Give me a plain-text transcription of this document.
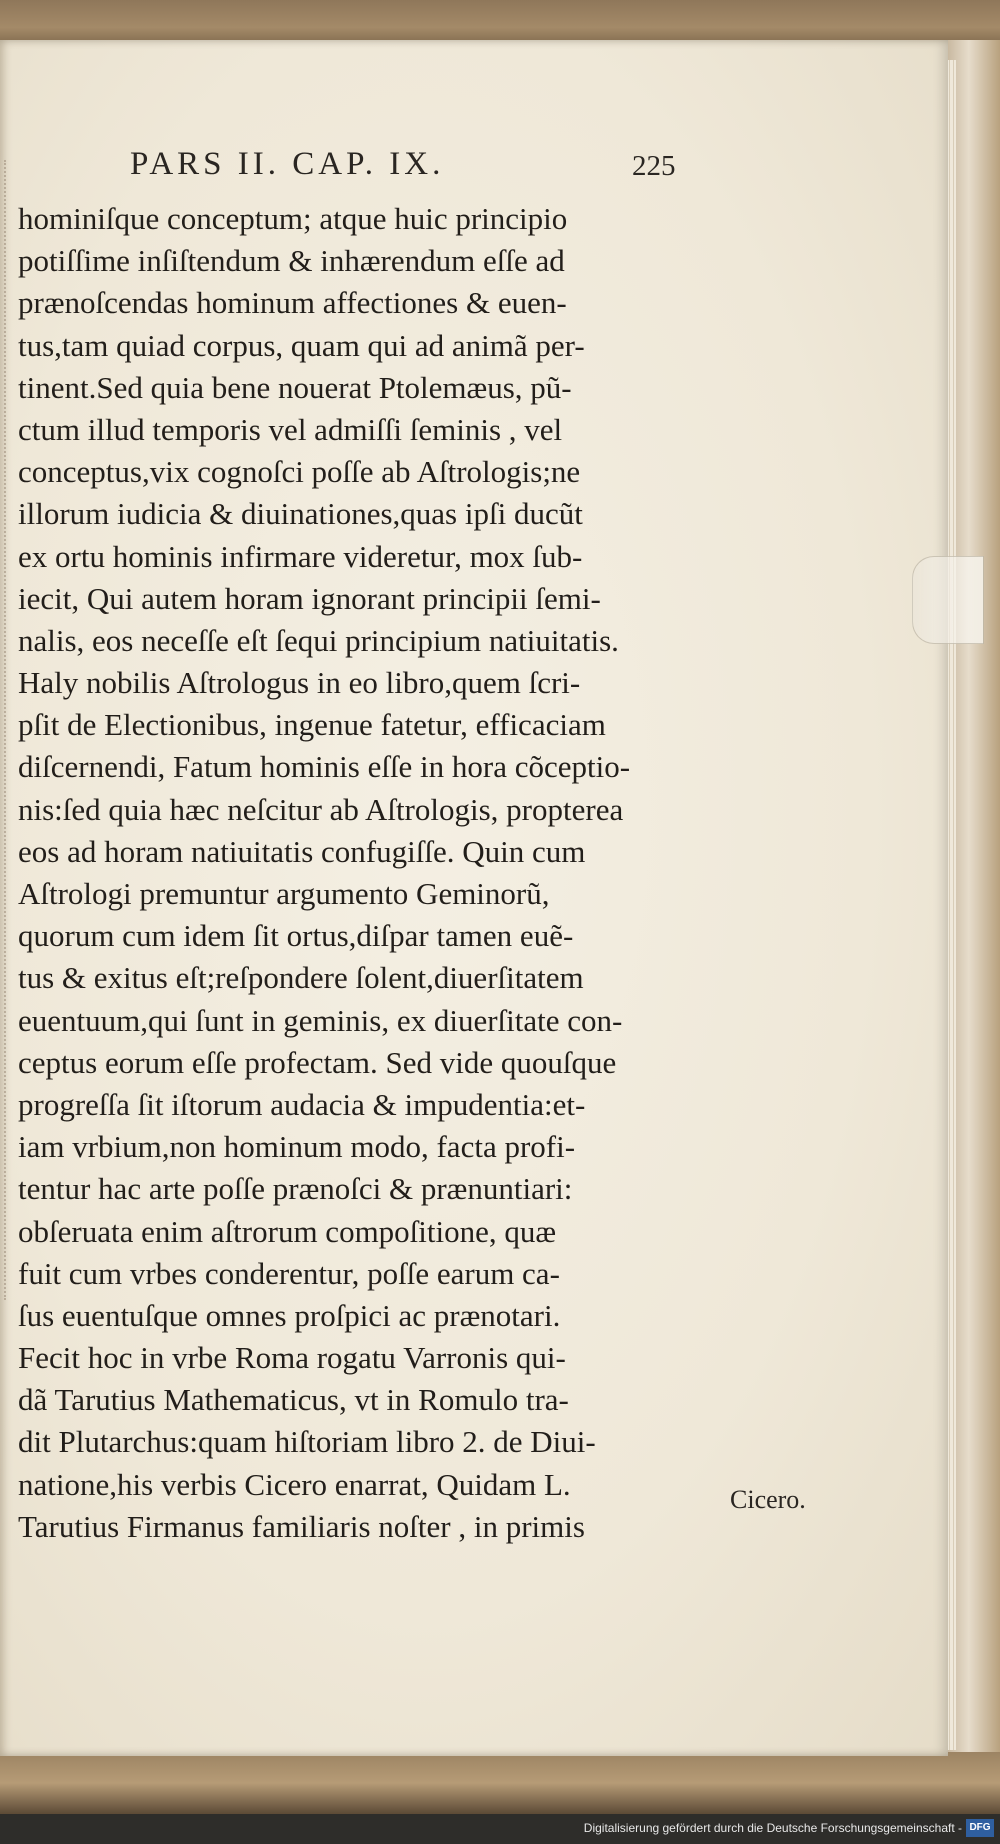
PARS II. CAP. IX.	225
hominiſque conceptum; atque huic principio
potiſſime inſiſtendum & inhærendum eſſe ad
prænoſcendas hominum affectiones & euen-
tus,tam quiad corpus, quam qui ad animã per-
tinent.Sed quia bene nouerat Ptolemæus, pũ-
ctum illud temporis vel admiſſi ſeminis , vel
conceptus,vix cognoſci poſſe ab Aſtrologis;ne
illorum iudicia & diuinationes,quas ipſi ducũt
ex ortu hominis infirmare videretur, mox ſub-
iecit, Qui autem horam ignorant principii ſemi-
nalis, eos neceſſe eſt ſequi principium natiuitatis.
Haly nobilis Aſtrologus in eo libro,quem ſcri-
pſit de Electionibus, ingenue fatetur, efficaciam
diſcernendi, Fatum hominis eſſe in hora cõceptio-
nis:ſed quia hæc neſcitur ab Aſtrologis, propterea
eos ad horam natiuitatis confugiſſe. Quin cum
Aſtrologi premuntur argumento Geminorũ,
quorum cum idem ſit ortus,diſpar tamen euẽ-
tus & exitus eſt;reſpondere ſolent,diuerſitatem
euentuum,qui ſunt in geminis, ex diuerſitate con-
ceptus eorum eſſe profectam. Sed vide quouſque
progreſſa ſit iſtorum audacia & impudentia:et-
iam vrbium,non hominum modo, facta profi-
tentur hac arte poſſe prænoſci & prænuntiari:
obſeruata enim aſtrorum compoſitione, quæ
fuit cum vrbes conderentur, poſſe earum ca-
ſus euentuſque omnes proſpici ac prænotari.
Fecit hoc in vrbe Roma rogatu Varronis qui-
dã Tarutius Mathematicus, vt in Romulo tra-
dit Plutarchus:quam hiſtoriam libro 2. de Diui-
natione,his verbis Cicero enarrat, Quidam L.
Tarutius Firmanus familiaris noſter , in primis
Cicero.
Digitalisierung gefördert durch die Deutsche Forschungsgemeinschaft - DFG
